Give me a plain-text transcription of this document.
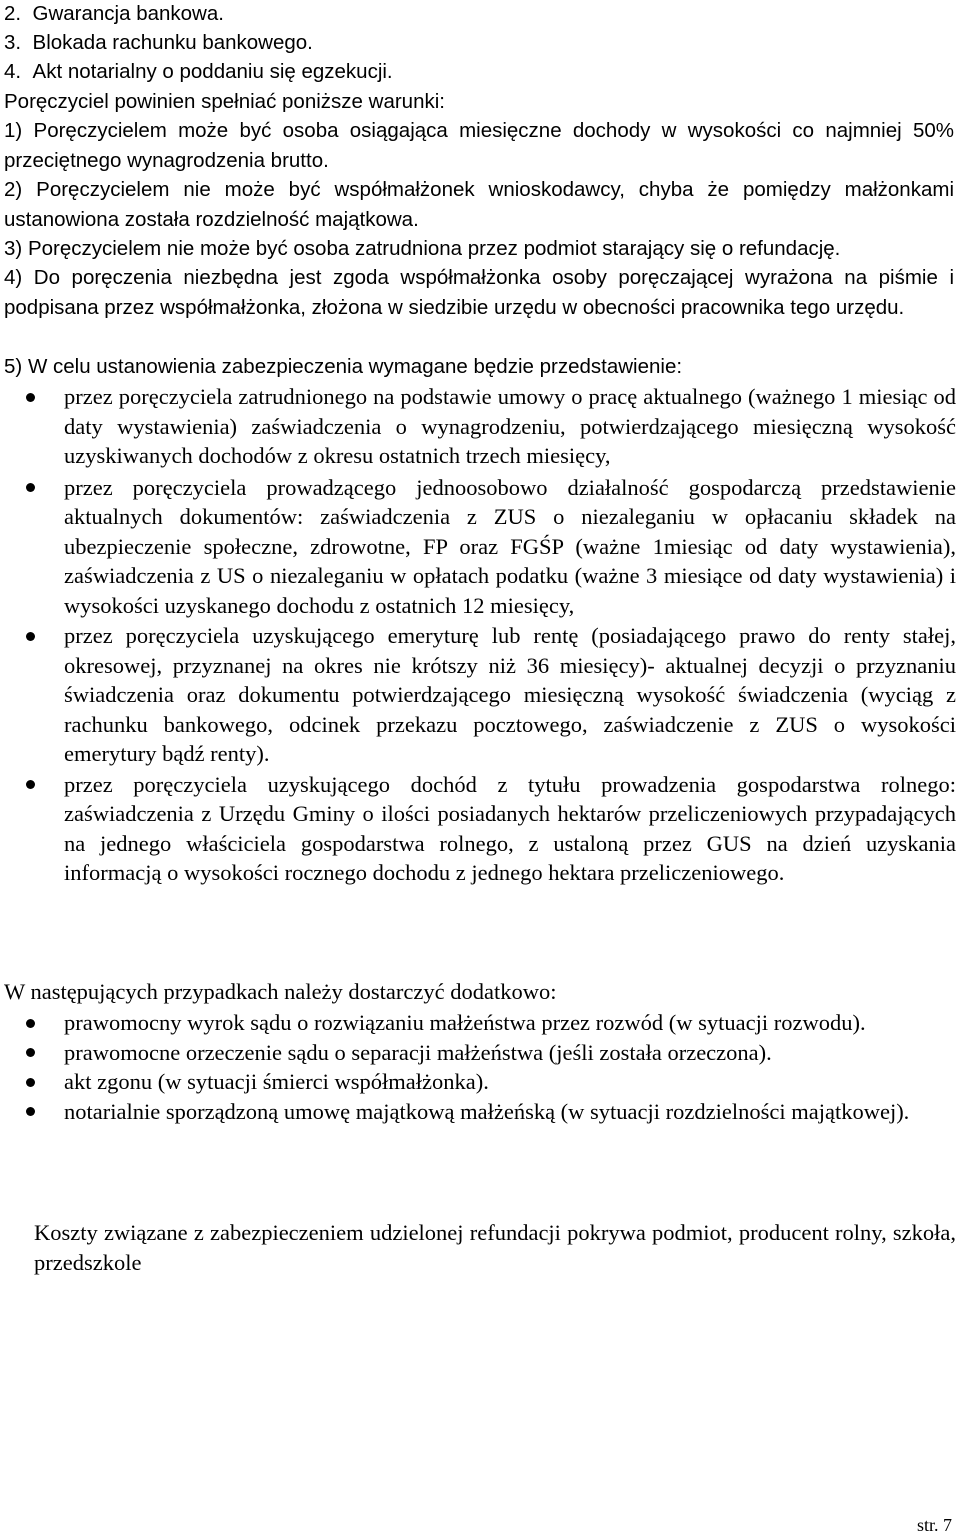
2. Gwarancja bankowa.
3. Blokada rachunku bankowego.
4. Akt notarialny o poddaniu się egzekucji.
Poręczyciel powinien spełniać poniższe warunki:
1) Poręczycielem może być osoba osiągająca miesięczne dochody w wysokości co najmniej 50% przeciętnego wynagrodzenia brutto.
2) Poręczycielem nie może być współmałżonek wnioskodawcy, chyba że pomiędzy małżonkami ustanowiona została rozdzielność majątkowa.
3) Poręczycielem nie może być osoba zatrudniona przez podmiot starający się o refundację.
4) Do poręczenia niezbędna jest zgoda współmałżonka osoby poręczającej wyrażona na piśmie i podpisana przez współmałżonka, złożona w siedzibie urzędu w obecności pracownika tego urzędu.
5) W celu ustanowienia zabezpieczenia wymagane będzie przedstawienie:
przez poręczyciela zatrudnionego na podstawie umowy o pracę aktualnego (ważnego 1 miesiąc od daty wystawienia) zaświadczenia o wynagrodzeniu, potwierdzającego miesięczną wysokość uzyskiwanych dochodów z okresu ostatnich trzech miesięcy,
przez poręczyciela prowadzącego jednoosobowo działalność gospodarczą przedstawienie aktualnych dokumentów: zaświadczenia z ZUS o niezaleganiu w opłacaniu składek na ubezpieczenie społeczne, zdrowotne, FP oraz FGŚP (ważne 1miesiąc od daty wystawienia), zaświadczenia z US o niezaleganiu w opłatach podatku (ważne 3 miesiące od daty wystawienia) i wysokości uzyskanego dochodu z ostatnich 12 miesięcy,
przez poręczyciela uzyskującego emeryturę lub rentę (posiadającego prawo do renty stałej, okresowej, przyznanej na okres nie krótszy niż 36 miesięcy)- aktualnej decyzji o przyznaniu świadczenia oraz dokumentu potwierdzającego miesięczną wysokość świadczenia (wyciąg z rachunku bankowego, odcinek przekazu pocztowego, zaświadczenie z ZUS o wysokości emerytury bądź renty).
przez poręczyciela uzyskującego dochód z tytułu prowadzenia gospodarstwa rolnego: zaświadczenia z Urzędu Gminy o ilości posiadanych hektarów przeliczeniowych przypadających na jednego właściciela gospodarstwa rolnego, z ustaloną przez GUS na dzień uzyskania informacją o wysokości rocznego dochodu z jednego hektara przeliczeniowego.
W następujących przypadkach należy dostarczyć dodatkowo:
prawomocny wyrok sądu o rozwiązaniu małżeństwa przez rozwód (w sytuacji rozwodu).
prawomocne orzeczenie sądu o separacji małżeństwa (jeśli została orzeczona).
akt zgonu (w sytuacji śmierci współmałżonka).
notarialnie sporządzoną umowę majątkową małżeńską (w sytuacji rozdzielności majątkowej).
Koszty związane z zabezpieczeniem udzielonej refundacji pokrywa podmiot, producent rolny, szkoła, przedszkole
str. 7
